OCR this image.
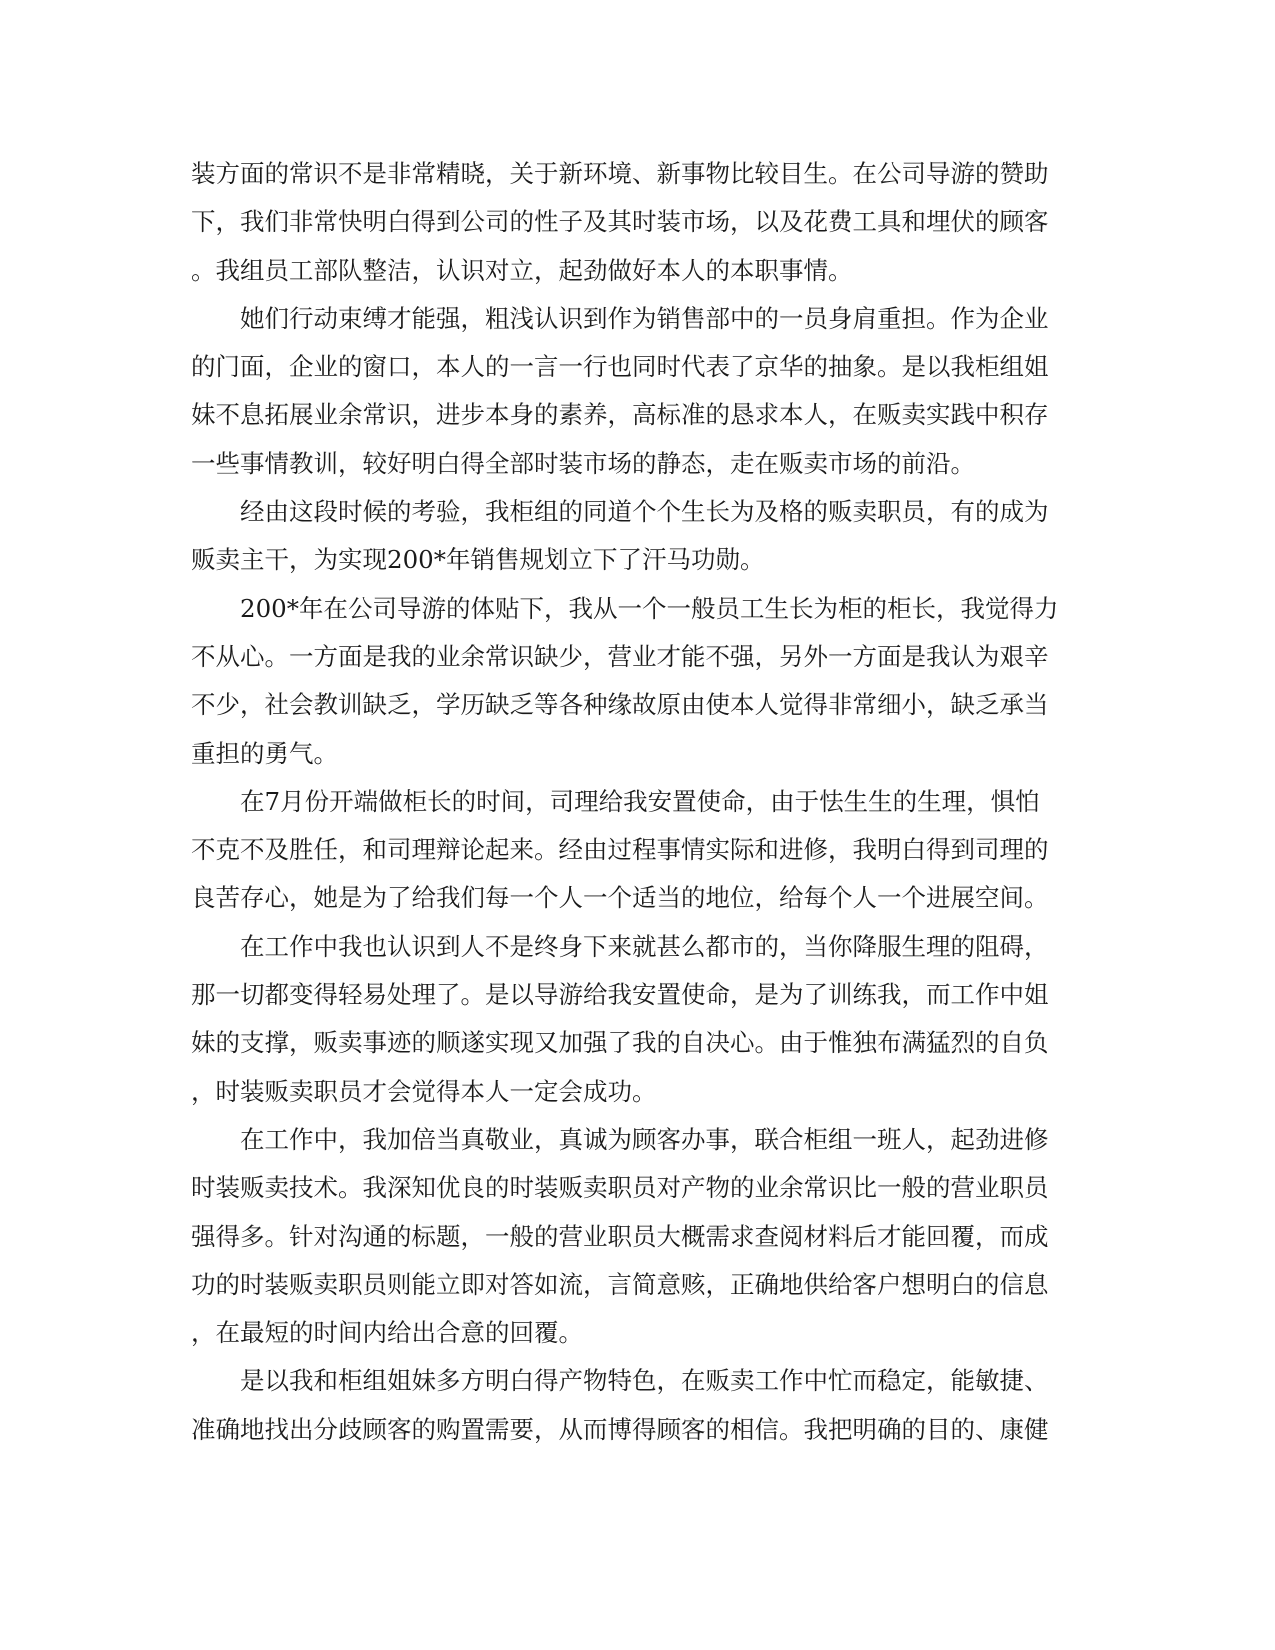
装方面的常识不是非常精晓，关于新环境、新事物比较目生。在公司导游的赞助
下，我们非常快明白得到公司的性子及其时装市场，以及花费工具和埋伏的顾客
。我组员工部队整洁，认识对立，起劲做好本人的本职事情。
　　她们行动束缚才能强，粗浅认识到作为销售部中的一员身肩重担。作为企业
的门面，企业的窗口，本人的一言一行也同时代表了京华的抽象。是以我柜组姐
妹不息拓展业余常识，进步本身的素养，高标准的恳求本人，在贩卖实践中积存
一些事情教训，较好明白得全部时装市场的静态，走在贩卖市场的前沿。
　　经由这段时候的考验，我柜组的同道个个生长为及格的贩卖职员，有的成为
贩卖主干，为实现200*年销售规划立下了汗马功勋。
　　200*年在公司导游的体贴下，我从一个一般员工生长为柜的柜长，我觉得力
不从心。一方面是我的业余常识缺少，营业才能不强，另外一方面是我认为艰辛
不少，社会教训缺乏，学历缺乏等各种缘故原由使本人觉得非常细小，缺乏承当
重担的勇气。
　　在7月份开端做柜长的时间，司理给我安置使命，由于怯生生的生理，惧怕
不克不及胜任，和司理辩论起来。经由过程事情实际和进修，我明白得到司理的
良苦存心，她是为了给我们每一个人一个适当的地位，给每个人一个进展空间。
　　在工作中我也认识到人不是终身下来就甚么都市的，当你降服生理的阻碍，
那一切都变得轻易处理了。是以导游给我安置使命，是为了训练我，而工作中姐
妹的支撑，贩卖事迹的顺遂实现又加强了我的自决心。由于惟独布满猛烈的自负
，时装贩卖职员才会觉得本人一定会成功。
　　在工作中，我加倍当真敬业，真诚为顾客办事，联合柜组一班人，起劲进修
时装贩卖技术。我深知优良的时装贩卖职员对产物的业余常识比一般的营业职员
强得多。针对沟通的标题，一般的营业职员大概需求查阅材料后才能回覆，而成
功的时装贩卖职员则能立即对答如流，言简意赅，正确地供给客户想明白的信息
，在最短的时间内给出合意的回覆。
　　是以我和柜组姐妹多方明白得产物特色，在贩卖工作中忙而稳定，能敏捷、
准确地找出分歧顾客的购置需要，从而博得顾客的相信。我把明确的目的、康健
